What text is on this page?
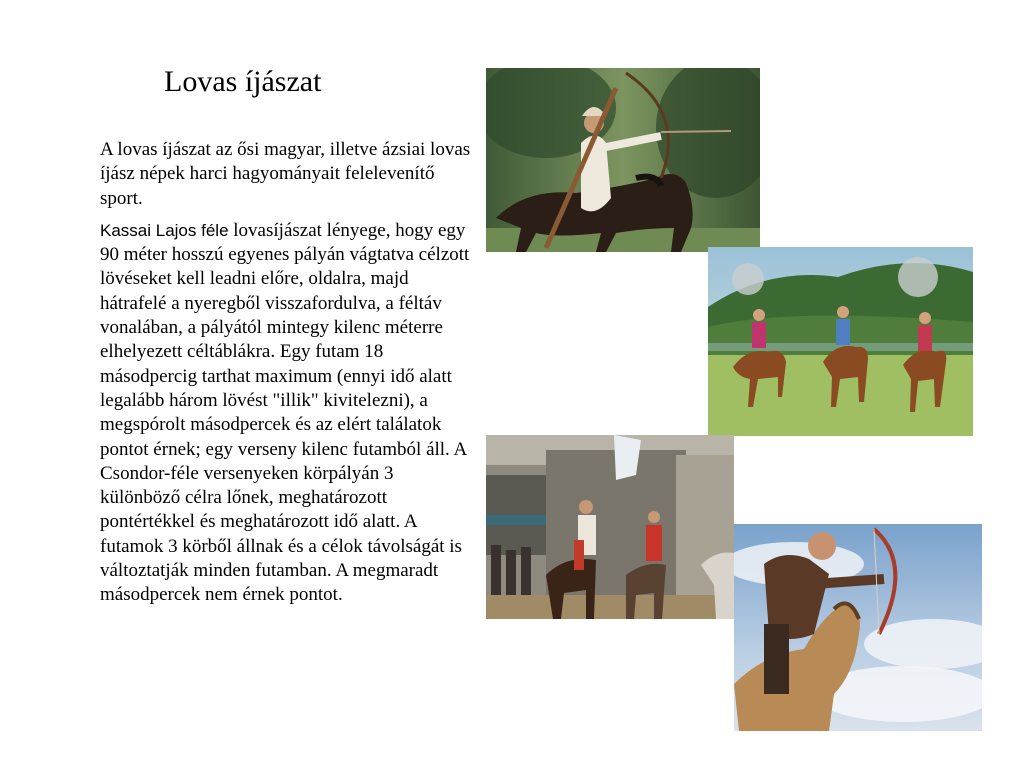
Lovas íjászat

A lovas íjászat az ősi magyar, illetve ázsiai lovas íjász népek harci hagyományait felelevenítő sport.

Kassai Lajos féle lovasíjászat lényege, hogy egy 90 méter hosszú egyenes pályán vágtatva célzott lövéseket kell leadni előre, oldalra, majd hátrafelé a nyeregből visszafordulva, a féltáv vonalában, a pályától mintegy kilenc méterre elhelyezett céltáblákra. Egy futam 18 másodpercig tarthat maximum (ennyi idő alatt legalább három lövést "illik" kivitelezni), a megspórolt másodpercek és az elért találatok pontot érnek; egy verseny kilenc futamból áll. A Csondor-féle versenyeken körpályán 3 különböző célra lőnek, meghatározott pontértékkel és meghatározott idő alatt. A futamok 3 körből állnak és a célok távolságát is változtatják minden futamban. A megmaradt másodpercek nem érnek pontot.
